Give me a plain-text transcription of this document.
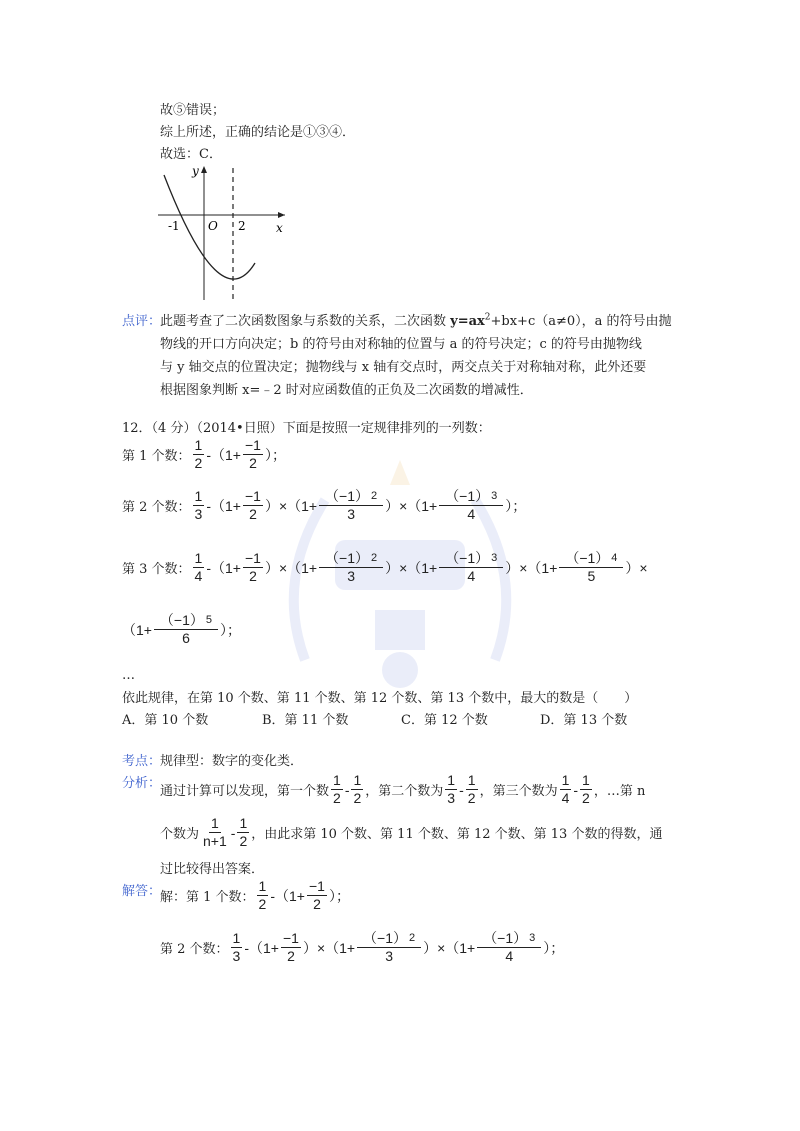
故⑤错误；
综上所述，正确的结论是①③④．
故选：C．
y
x
O
-1	2
点评：
此题考查了二次函数图象与系数的关系，二次函数 $y=ax^2+bx+c(a\ne 0)$，a 的符号由抛
物线的开口方向决定；b 的符号由对称轴的位置与 a 的符号决定；c 的符号由抛物线
与 y 轴交点的位置决定；抛物线与 x 轴有交点时，两交点关于对称轴对称，此外还要
根据图象判断 x=﹣2 时对应函数值的正负及二次函数的增减性．
12．（4 分）（2014•日照）下面是按照一定规律排列的一列数：
第 1 个数： $\frac{1}{2} - (1+ \frac{-1}{2}$ ）；
第 2 个数： $\frac{1}{3} - (1+ \frac{-1}{2} )\times(1+ \frac{(-1) 2}{3} )\times(1+ \frac{(-1) 3}{4}$ ）；
第 3 个数： $\frac{1}{4} - (1+ \frac{-1}{2} )\times(1+ \frac{(-1) 2}{3} )\times(1+ \frac{(-1) 3}{4} )\times(1+ \frac{(-1) 4}{5}$ ）×
（$1+ \frac{(-1) 5}{6}$ ）；
…
依此规律，在第 10 个数、第 11 个数、第 12 个数、第 13 个数中，最大的数是（　　）
A．第 10 个数	B．第 11 个数	C．第 12 个数	D．第 13 个数
考点：
规律型：数字的变化类．
分析：
通过计算可以发现，第一个数 $\frac{1}{2} - \frac{1}{2}$ ，第二个数为 $\frac{1}{3} - \frac{1}{2}$ ，第三个数为 $\frac{1}{4} - \frac{1}{2}$ ，…第 n
个数为 $\frac{1}{n+1} - \frac{1}{2}$ ，由此求第 10 个数、第 11 个数、第 12 个数、第 13 个数的得数，通
过比较得出答案．
解答：
解：第 1 个数： $\frac{1}{2} - (1+ \frac{-1}{2}$ ）；
第 2 个数： $\frac{1}{3} - (1+ \frac{-1}{2} )\times(1+ \frac{(-1) 2}{3} )\times(1+ \frac{(-1) 3}{4}$ ）；
